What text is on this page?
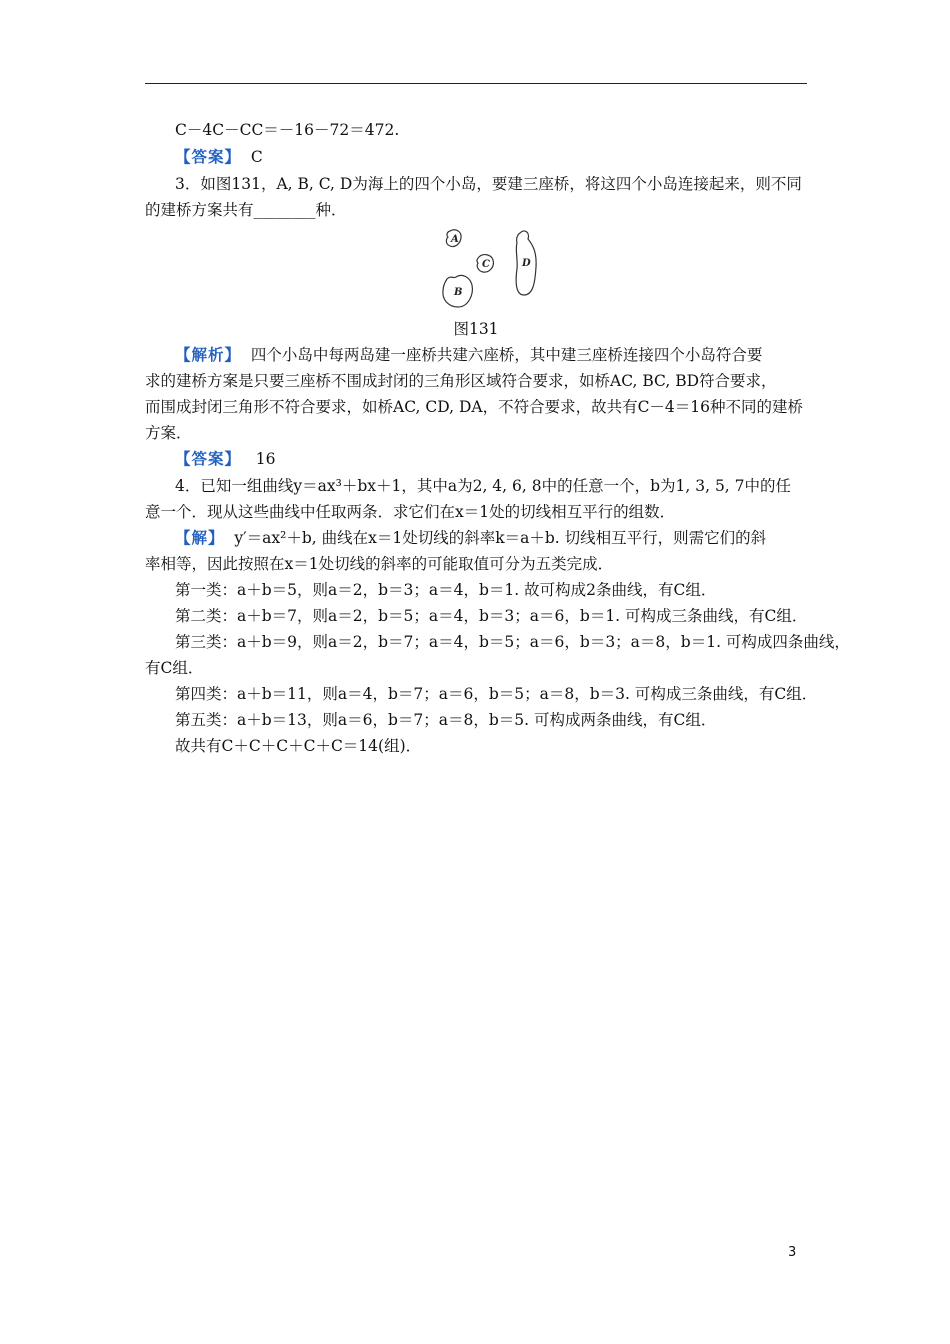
C－4C－CC＝－16－72＝472.
【答案】 C
3．如图131，A, B, C, D为海上的四个小岛，要建三座桥，将这四个小岛连接起来，则不同
的建桥方案共有________种．
图131
【解析】 四个小岛中每两岛建一座桥共建六座桥，其中建三座桥连接四个小岛符合要
求的建桥方案是只要三座桥不围成封闭的三角形区域符合要求，如桥AC, BC, BD符合要求，
而围成封闭三角形不符合要求，如桥AC, CD, DA，不符合要求，故共有C－4＝16种不同的建桥
方案．
【答案】 16
4．已知一组曲线y＝ax³＋bx＋1，其中a为2, 4, 6, 8中的任意一个，b为1, 3, 5, 7中的任
意一个．现从这些曲线中任取两条．求它们在x＝1处的切线相互平行的组数．
【解】 y′＝ax²＋b, 曲线在x＝1处切线的斜率k＝a＋b. 切线相互平行，则需它们的斜
率相等，因此按照在x＝1处切线的斜率的可能取值可分为五类完成．
第一类：a＋b＝5，则a＝2，b＝3；a＝4，b＝1. 故可构成2条曲线，有C组．
第二类：a＋b＝7，则a＝2，b＝5；a＝4，b＝3；a＝6，b＝1. 可构成三条曲线，有C组．
第三类：a＋b＝9，则a＝2，b＝7；a＝4，b＝5；a＝6，b＝3；a＝8，b＝1. 可构成四条曲线，
有C组．
第四类：a＋b＝11，则a＝4，b＝7；a＝6，b＝5；a＝8，b＝3. 可构成三条曲线，有C组．
第五类：a＋b＝13，则a＝6，b＝7；a＝8，b＝5. 可构成两条曲线，有C组．
故共有C＋C＋C＋C＋C＝14(组)．
A
B
C	D
3
